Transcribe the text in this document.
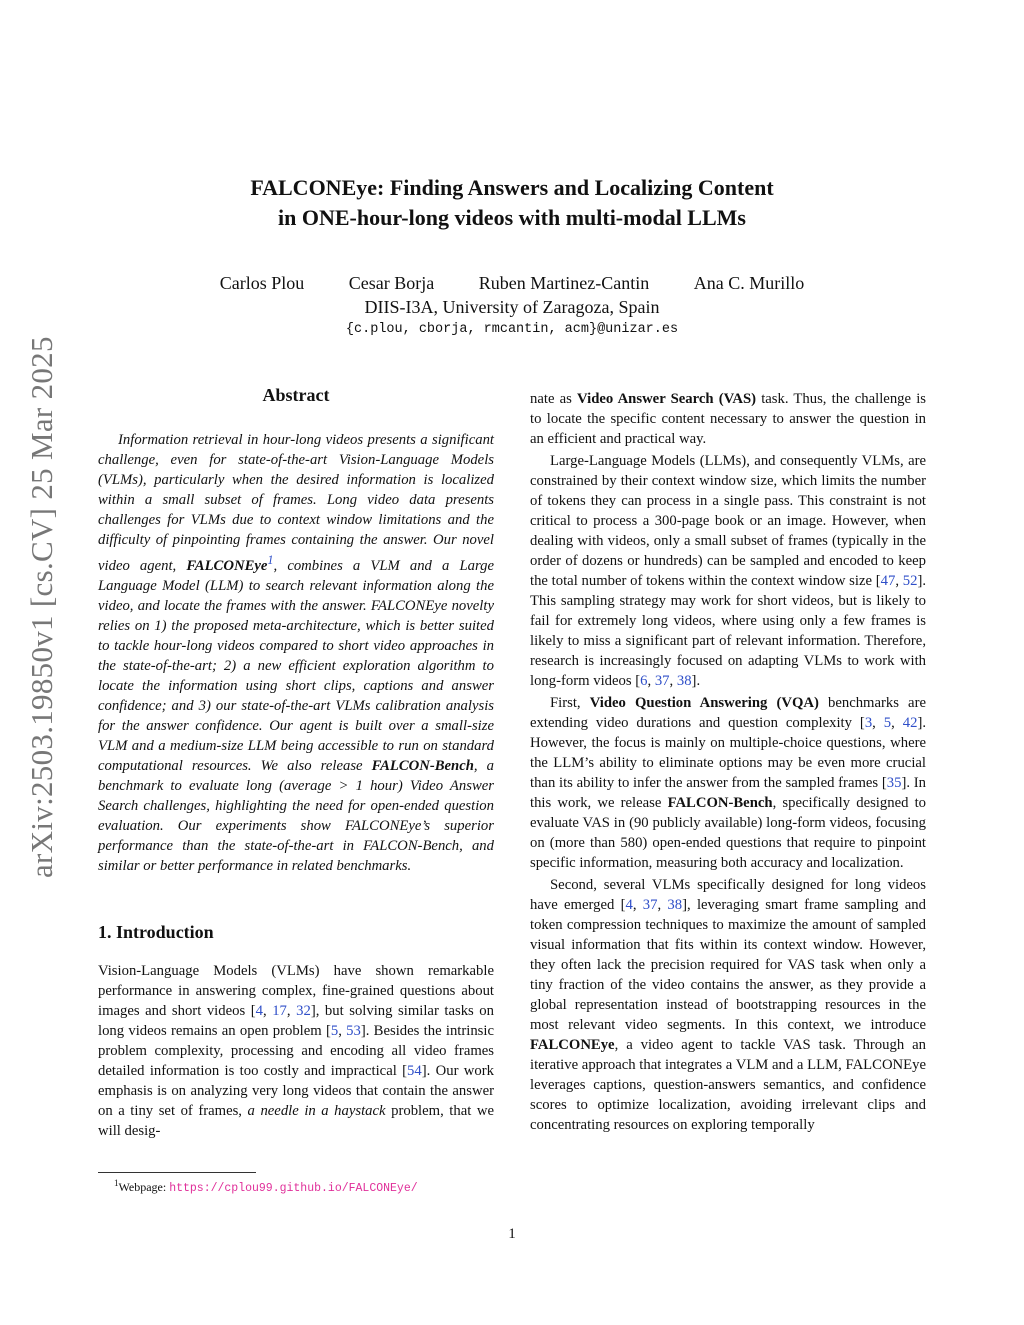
arXiv:2503.19850v1 [cs.CV] 25 Mar 2025
FALCONEye: Finding Answers and Localizing Content
in ONE-hour-long videos with multi-modal LLMs
Carlos Plou Cesar Borja Ruben Martinez-Cantin Ana C. Murillo
DIIS-I3A, University of Zaragoza, Spain
{c.plou, cborja, rmcantin, acm}@unizar.es
Abstract

Information retrieval in hour-long videos presents a significant challenge, even for state-of-the-art Vision-Language Models (VLMs), particularly when the desired information is localized within a small subset of frames. Long video data presents challenges for VLMs due to context window limitations and the difficulty of pinpointing frames containing the answer. Our novel video agent, FALCONEye$^1$, combines a VLM and a Large Language Model (LLM) to search relevant information along the video, and locate the frames with the answer. FALCONEye novelty relies on 1) the proposed meta-architecture, which is better suited to tackle hour-long videos compared to short video approaches in the state-of-the-art; 2) a new efficient exploration algorithm to locate the information using short clips, captions and answer confidence; and 3) our state-of-the-art VLMs calibration analysis for the answer confidence. Our agent is built over a small-size VLM and a medium-size LLM being accessible to run on standard computational resources. We also release FALCON-Bench, a benchmark to evaluate long (average > 1 hour) Video Answer Search challenges, highlighting the need for open-ended question evaluation. Our experiments show FALCONEye’s superior performance than the state-of-the-art in FALCON-Bench, and similar or better performance in related benchmarks.

1. Introduction

Vision-Language Models (VLMs) have shown remarkable performance in answering complex, fine-grained questions about images and short videos [4, 17, 32], but solving similar tasks on long videos remains an open problem [5, 53]. Besides the intrinsic problem complexity, processing and encoding all video frames detailed information is too costly and impractical [54]. Our work emphasis is on analyzing very long videos that contain the answer on a tiny set of frames, a needle in a haystack problem, that we will desig-

nate as Video Answer Search (VAS) task. Thus, the challenge is to locate the specific content necessary to answer the question in an efficient and practical way.

Large-Language Models (LLMs), and consequently VLMs, are constrained by their context window size, which limits the number of tokens they can process in a single pass. This constraint is not critical to process a 300-page book or an image. However, when dealing with videos, only a small subset of frames (typically in the order of dozens or hundreds) can be sampled and encoded to keep the total number of tokens within the context window size [47, 52]. This sampling strategy may work for short videos, but is likely to fail for extremely long videos, where using only a few frames is likely to miss a significant part of relevant information. Therefore, research is increasingly focused on adapting VLMs to work with long-form videos [6, 37, 38].

First, Video Question Answering (VQA) benchmarks are extending video durations and question complexity [3, 5, 42]. However, the focus is mainly on multiple-choice questions, where the LLM’s ability to eliminate options may be even more crucial than its ability to infer the answer from the sampled frames [35]. In this work, we release FALCON-Bench, specifically designed to evaluate VAS in (90 publicly available) long-form videos, focusing on (more than 580) open-ended questions that require to pinpoint specific information, measuring both accuracy and localization.

Second, several VLMs specifically designed for long videos have emerged [4, 37, 38], leveraging smart frame sampling and token compression techniques to maximize the amount of sampled visual information that fits within its context window. However, they often lack the precision required for VAS task when only a tiny fraction of the video contains the answer, as they provide a global representation instead of bootstrapping resources in the most relevant video segments. In this context, we introduce FALCONEye, a video agent to tackle VAS task. Through an iterative approach that integrates a VLM and a LLM, FALCONEye leverages captions, question-answers semantics, and confidence scores to optimize localization, avoiding irrelevant clips and concentrating resources on exploring temporally

$^1$Webpage: https://cplou99.github.io/FALCONEye/
1
